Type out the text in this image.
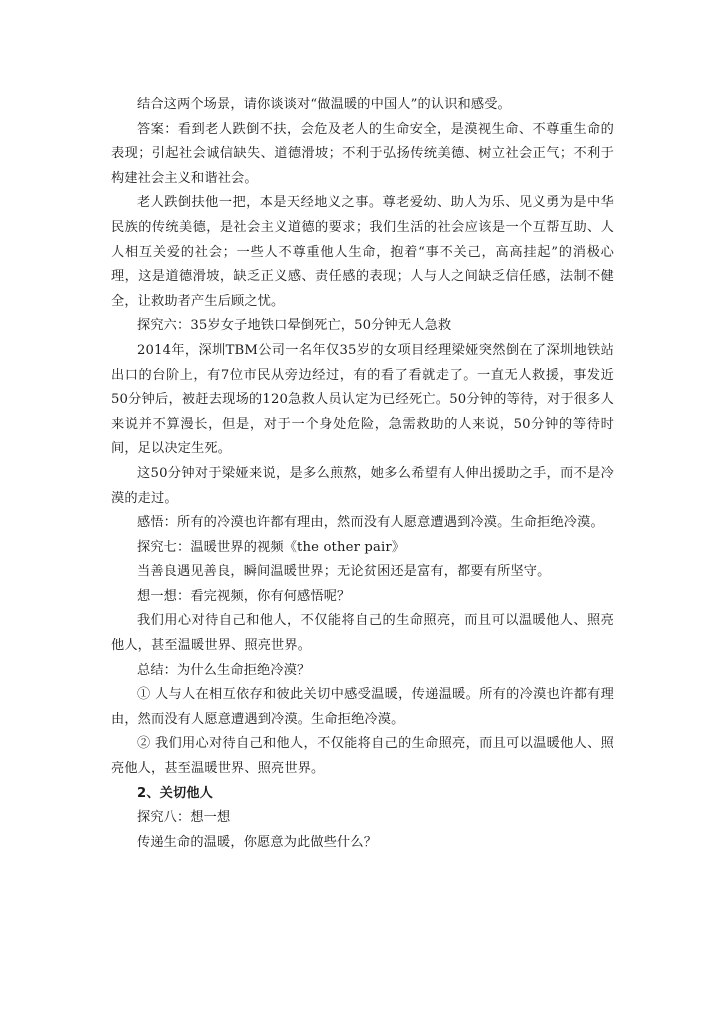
结合这两个场景，请你谈谈对“做温暖的中国人”的认识和感受。

答案：看到老人跌倒不扶，会危及老人的生命安全，是漠视生命、不尊重生命的表现；引起社会诚信缺失、道德滑坡；不利于弘扬传统美德、树立社会正气；不利于构建社会主义和谐社会。

老人跌倒扶他一把，本是天经地义之事。尊老爱幼、助人为乐、见义勇为是中华民族的传统美德，是社会主义道德的要求；我们生活的社会应该是一个互帮互助、人人相互关爱的社会；一些人不尊重他人生命，抱着“事不关己，高高挂起”的消极心理，这是道德滑坡，缺乏正义感、责任感的表现；人与人之间缺乏信任感，法制不健全，让救助者产生后顾之忧。

探究六：35岁女子地铁口晕倒死亡，50分钟无人急救

2014年，深圳TBM公司一名年仅35岁的女项目经理梁娅突然倒在了深圳地铁站出口的台阶上，有7位市民从旁边经过，有的看了看就走了。一直无人救援，事发近50分钟后，被赶去现场的120急救人员认定为已经死亡。50分钟的等待，对于很多人来说并不算漫长，但是，对于一个身处危险，急需救助的人来说，50分钟的等待时间，足以决定生死。

这50分钟对于梁娅来说，是多么煎熬，她多么希望有人伸出援助之手，而不是冷漠的走过。

感悟：所有的冷漠也许都有理由，然而没有人愿意遭遇到冷漠。生命拒绝冷漠。

探究七：温暖世界的视频《the other pair》

当善良遇见善良，瞬间温暖世界；无论贫困还是富有，都要有所坚守。

想一想：看完视频，你有何感悟呢？

我们用心对待自己和他人，不仅能将自己的生命照亮，而且可以温暖他人、照亮他人，甚至温暖世界、照亮世界。

总结：为什么生命拒绝冷漠？

① 人与人在相互依存和彼此关切中感受温暖，传递温暖。所有的冷漠也许都有理由，然而没有人愿意遭遇到冷漠。生命拒绝冷漠。

② 我们用心对待自己和他人，不仅能将自己的生命照亮，而且可以温暖他人、照亮他人，甚至温暖世界、照亮世界。

2、关切他人

探究八：想一想

传递生命的温暖，你愿意为此做些什么？
